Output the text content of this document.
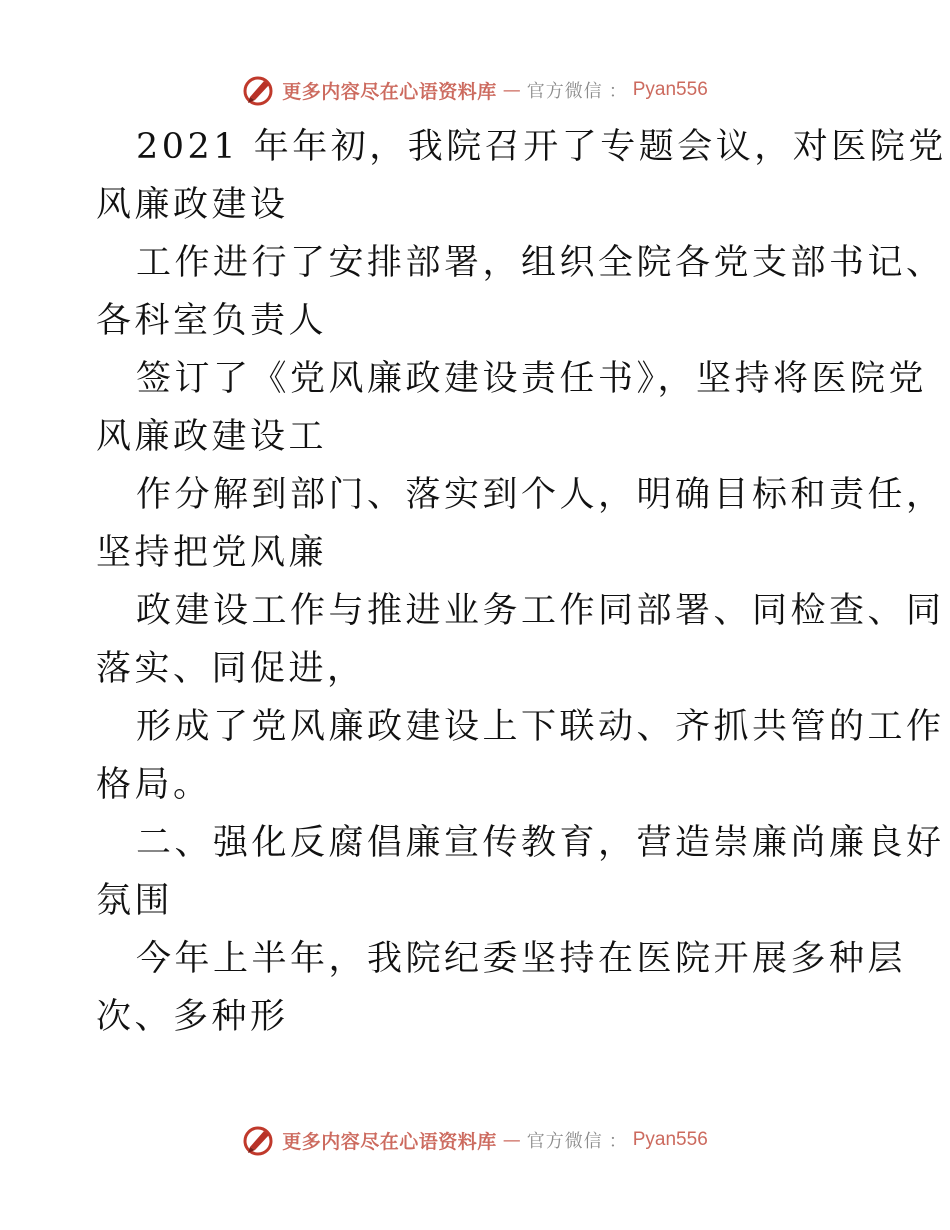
更多内容尽在心语资料库 — 官方微信 ： Pyan556
2021 年年初，我院召开了专题会议，对医院党
风廉政建设
工作进行了安排部署，组织全院各党支部书记、
各科室负责人
签订了《党风廉政建设责任书》，坚持将医院党
风廉政建设工
作分解到部门、落实到个人，明确目标和责任，
坚持把党风廉
政建设工作与推进业务工作同部署、同检查、同
落实、同促进，
形成了党风廉政建设上下联动、齐抓共管的工作
格局。
二、强化反腐倡廉宣传教育，营造崇廉尚廉良好
氛围
今年上半年，我院纪委坚持在医院开展多种层
次、多种形
更多内容尽在心语资料库 — 官方微信 ： Pyan556
